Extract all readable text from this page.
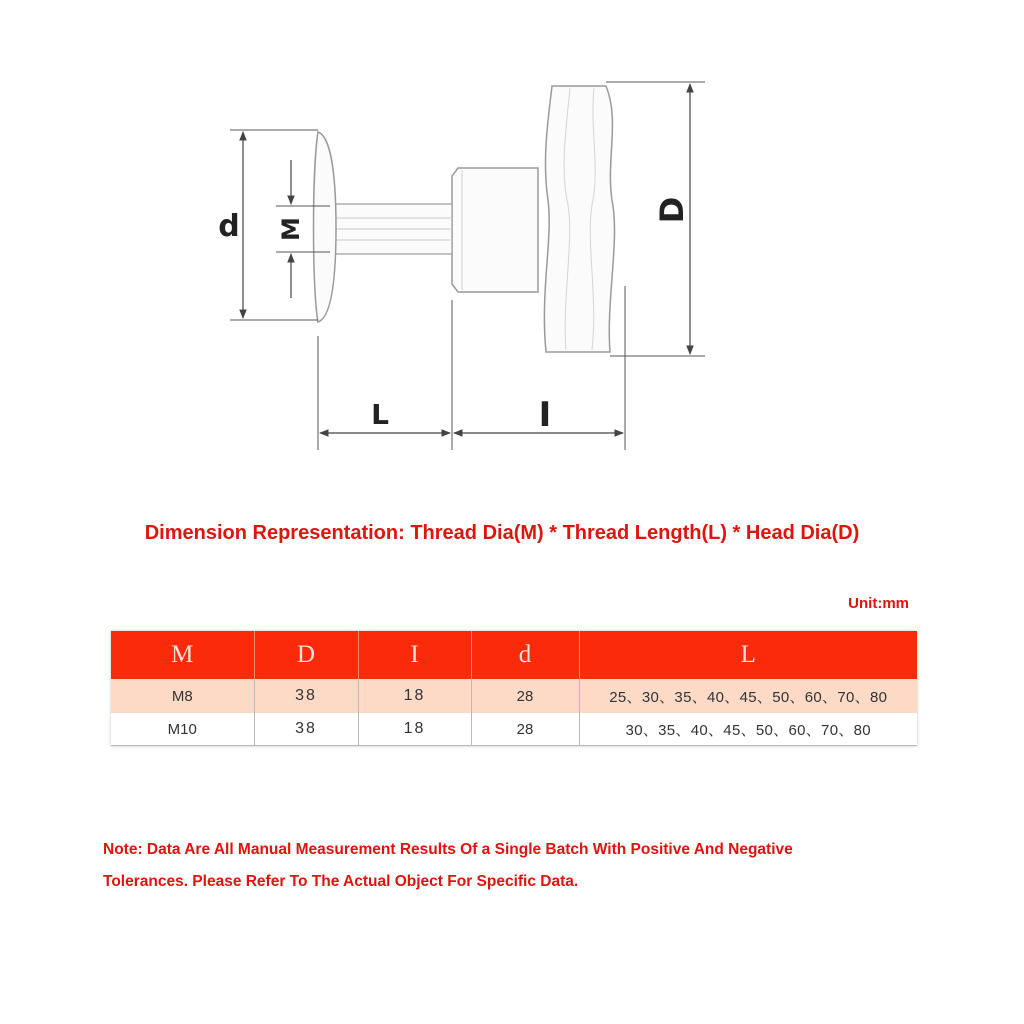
d M
D
L	I
Dimension Representation: Thread Dia(M) * Thread Length(L) * Head Dia(D)
Unit:mm
M	D	I	d	L
M8	38	18	28	25、30、35、40、45、50、60、70、80
M10	38	18	28	30、35、40、45、50、60、70、80
Note: Data Are All Manual Measurement Results Of a Single Batch With Positive And Negative
Tolerances. Please Refer To The Actual Object For Specific Data.
